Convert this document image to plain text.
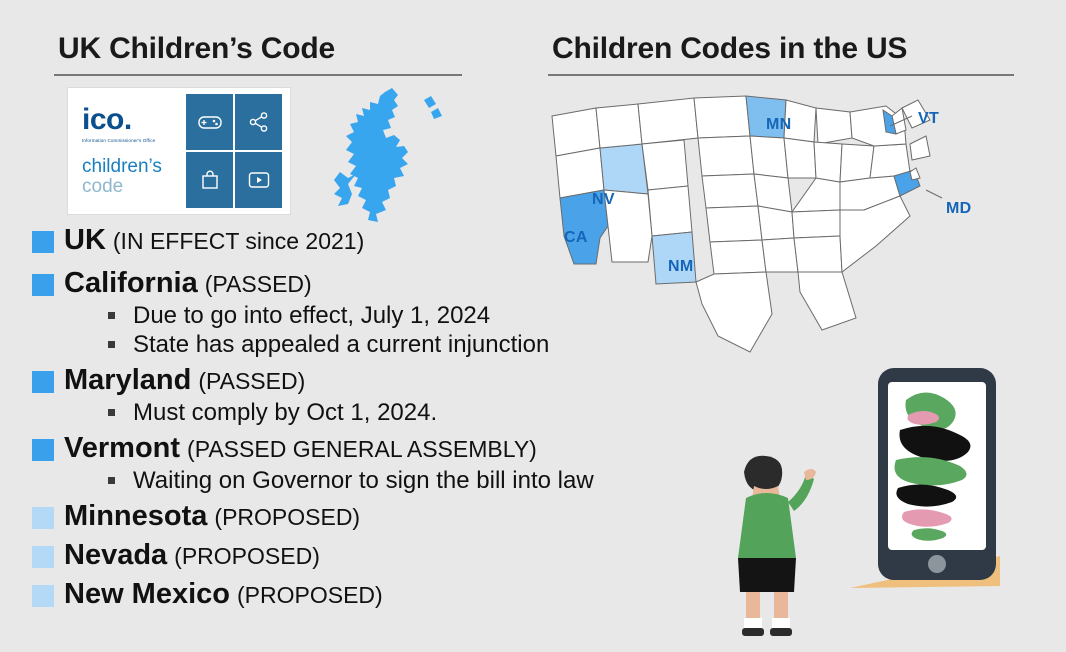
UK Children’s Code	Children Codes in the US
ico.
Information Commissioner's Office
children’s
code
UK (IN EFFECT since 2021)
California (PASSED)
Due to go into effect, July 1, 2024
State has appealed a current injunction
Maryland (PASSED)
Must comply by Oct 1, 2024.
Vermont (PASSED GENERAL ASSEMBLY)
Waiting on Governor to sign the bill into law
Minnesota (PROPOSED)
Nevada (PROPOSED)
New Mexico (PROPOSED)
MN	VT
MD
NV
CA
NM
